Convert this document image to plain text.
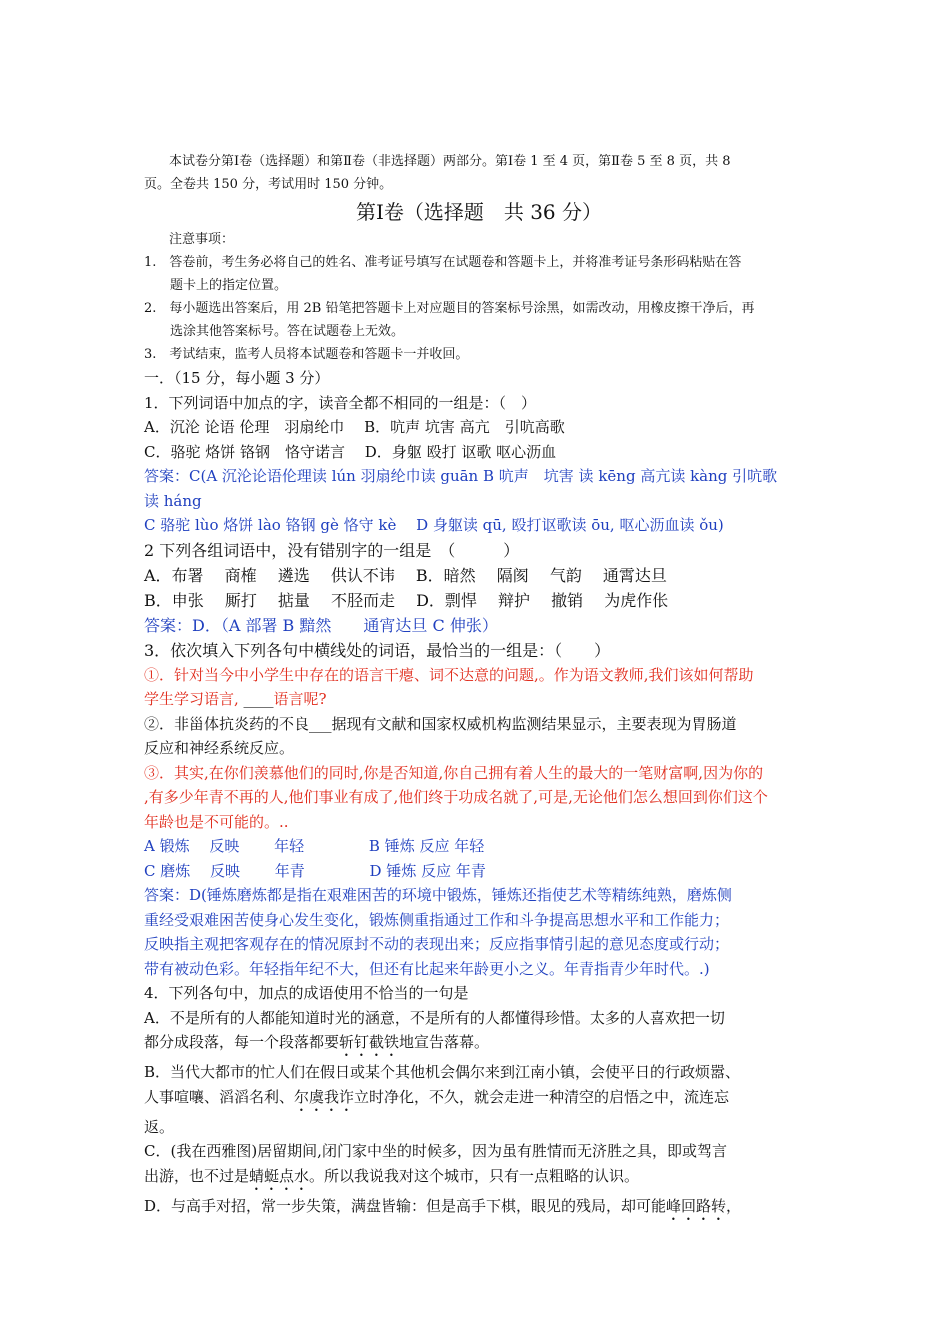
本试卷分第Ⅰ卷（选择题）和第Ⅱ卷（非选择题）两部分。第Ⅰ卷 1 至 4 页，第Ⅱ卷 5 至 8 页，共 8
页。全卷共 150 分，考试用时 150 分钟。
第Ⅰ卷（选择题　共 36 分）
注意事项：
1.　答卷前，考生务必将自己的姓名、准考证号填写在试题卷和答题卡上，并将准考证号条形码粘贴在答
题卡上的指定位置。
2.　每小题选出答案后，用 2B 铅笔把答题卡上对应题目的答案标号涂黑，如需改动，用橡皮擦干净后，再
选涂其他答案标号。答在试题卷上无效。
3.　考试结束，监考人员将本试题卷和答题卡一并收回。
一．（15 分，每小题 3 分）
1．下列词语中加点的字，读音全都不相同的一组是：（　）
A．沉沦 论语 伦理　羽扇纶巾　 B．吭声 坑害 高亢　引吭高歌
C．骆驼 烙饼 铬钢　恪守诺言　 D．身躯 殴打 讴歌 呕心沥血
答案：C(A 沉沦论语伦理读 lún 羽扇纶巾读 guān B 吭声　坑害 读 kēng 高亢读 kàng 引吭歌
读 háng
C 骆驼 lùo 烙饼 lào 铬钢 gè 恪守 kè　 D 身躯读 qū, 殴打讴歌读 ōu, 呕心沥血读 ǒu)
2 下列各组词语中，没有错别字的一组是　（　　　）
A．布署　 商榷　 遴选　 供认不讳　 B．暗然　 隔阂　 气韵　 通霄达旦
B．申张　 厮打　 掂量　 不胫而走　 D．剽悍　 辩护　 撤销　 为虎作伥
答案：D．（A 部署 B 黯然　　通宵达旦 C 伸张）
3．依次填入下列各句中横线处的词语，最恰当的一组是：（　　）
①．针对当今中小学生中存在的语言干瘪、词不达意的问题,。作为语文教师,我们该如何帮助
学生学习语言, ____语言呢?
②．非甾体抗炎药的不良___据现有文献和国家权威机构监测结果显示，主要表现为胃肠道
反应和神经系统反应。
③．其实,在你们羡慕他们的同时,你是否知道,你自己拥有着人生的最大的一笔财富啊,因为你的
,有多少年青不再的人,他们事业有成了,他们终于功成名就了,可是,无论他们怎么想回到你们这个
年龄也是不可能的。..
A 锻炼　 反映　　 年轻　　　　 B 锤炼 反应 年轻
C 磨炼　 反映　　 年青　　　　 D 锤炼 反应 年青
答案：D(锤炼磨炼都是指在艰难困苦的环境中锻炼，锤炼还指使艺术等精练纯熟，磨炼侧
重经受艰难困苦使身心发生变化，锻炼侧重指通过工作和斗争提高思想水平和工作能力；
反映指主观把客观存在的情况原封不动的表现出来；反应指事情引起的意见态度或行动；
带有被动色彩。年轻指年纪不大，但还有比起来年龄更小之义。年青指青少年时代。.)
4．下列各句中，加点的成语使用不恰当的一句是
A．不是所有的人都能知道时光的涵意，不是所有的人都懂得珍惜。太多的人喜欢把一切
都分成段落，每一个段落都要斩钉截铁地宣告落幕。
B．当代大都市的忙人们在假日或某个其他机会偶尔来到江南小镇，会使平日的行政烦嚣、
人事喧嚷、滔滔名利、尔虞我诈立时净化，不久，就会走进一种清空的启悟之中，流连忘
返。
C．(我在西雅图)居留期间,闭门家中坐的时候多，因为虽有胜情而无济胜之具，即或驾言
出游，也不过是蜻蜓点水。所以我说我对这个城市，只有一点粗略的认识。
D．与高手对招，常一步失策，满盘皆输：但是高手下棋，眼见的残局，却可能峰回路转，
